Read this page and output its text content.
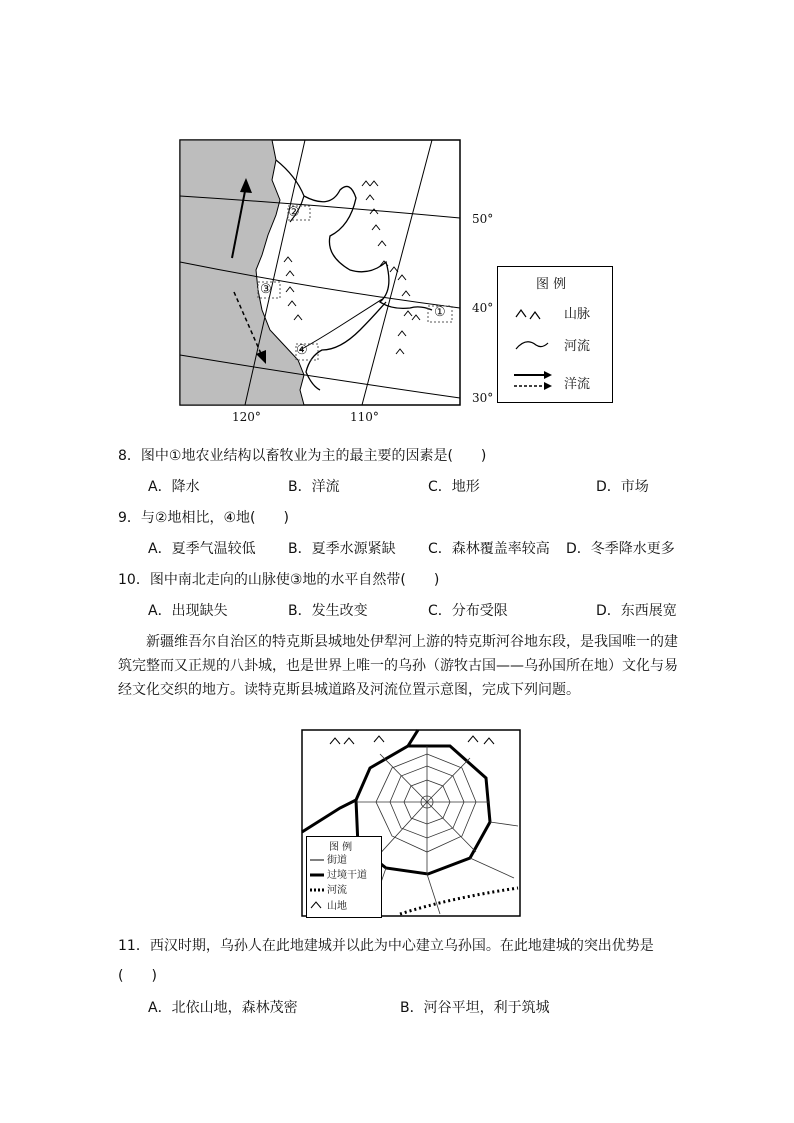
①
②
③
④
50°
40°
30°
120°	110°
图 例
山脉
河流
洋流
8．图中①地农业结构以畜牧业为主的最主要的因素是(　　)
A．降水	B．洋流	C．地形	D．市场
9．与②地相比，④地(　　)
A．夏季气温较低 B．夏季水源紧缺 C．森林覆盖率较高 D．冬季降水更多
10．图中南北走向的山脉使③地的水平自然带(　　)
A．出现缺失	B．发生改变	C．分布受限	D．东西展宽

新疆维吾尔自治区的特克斯县城地处伊犁河上游的特克斯河谷地东段，是我国唯一的建

筑完整而又正规的八卦城，也是世界上唯一的乌孙（游牧古国——乌孙国所在地）文化与易

经文化交织的地方。读特克斯县城道路及河流位置示意图，完成下列问题。

图 例
街道
过境干道
河流
山地
11．西汉时期，乌孙人在此地建城并以此为中心建立乌孙国。在此地建城的突出优势是
(　　)
A．北依山地，森林茂密	B．河谷平坦，利于筑城
